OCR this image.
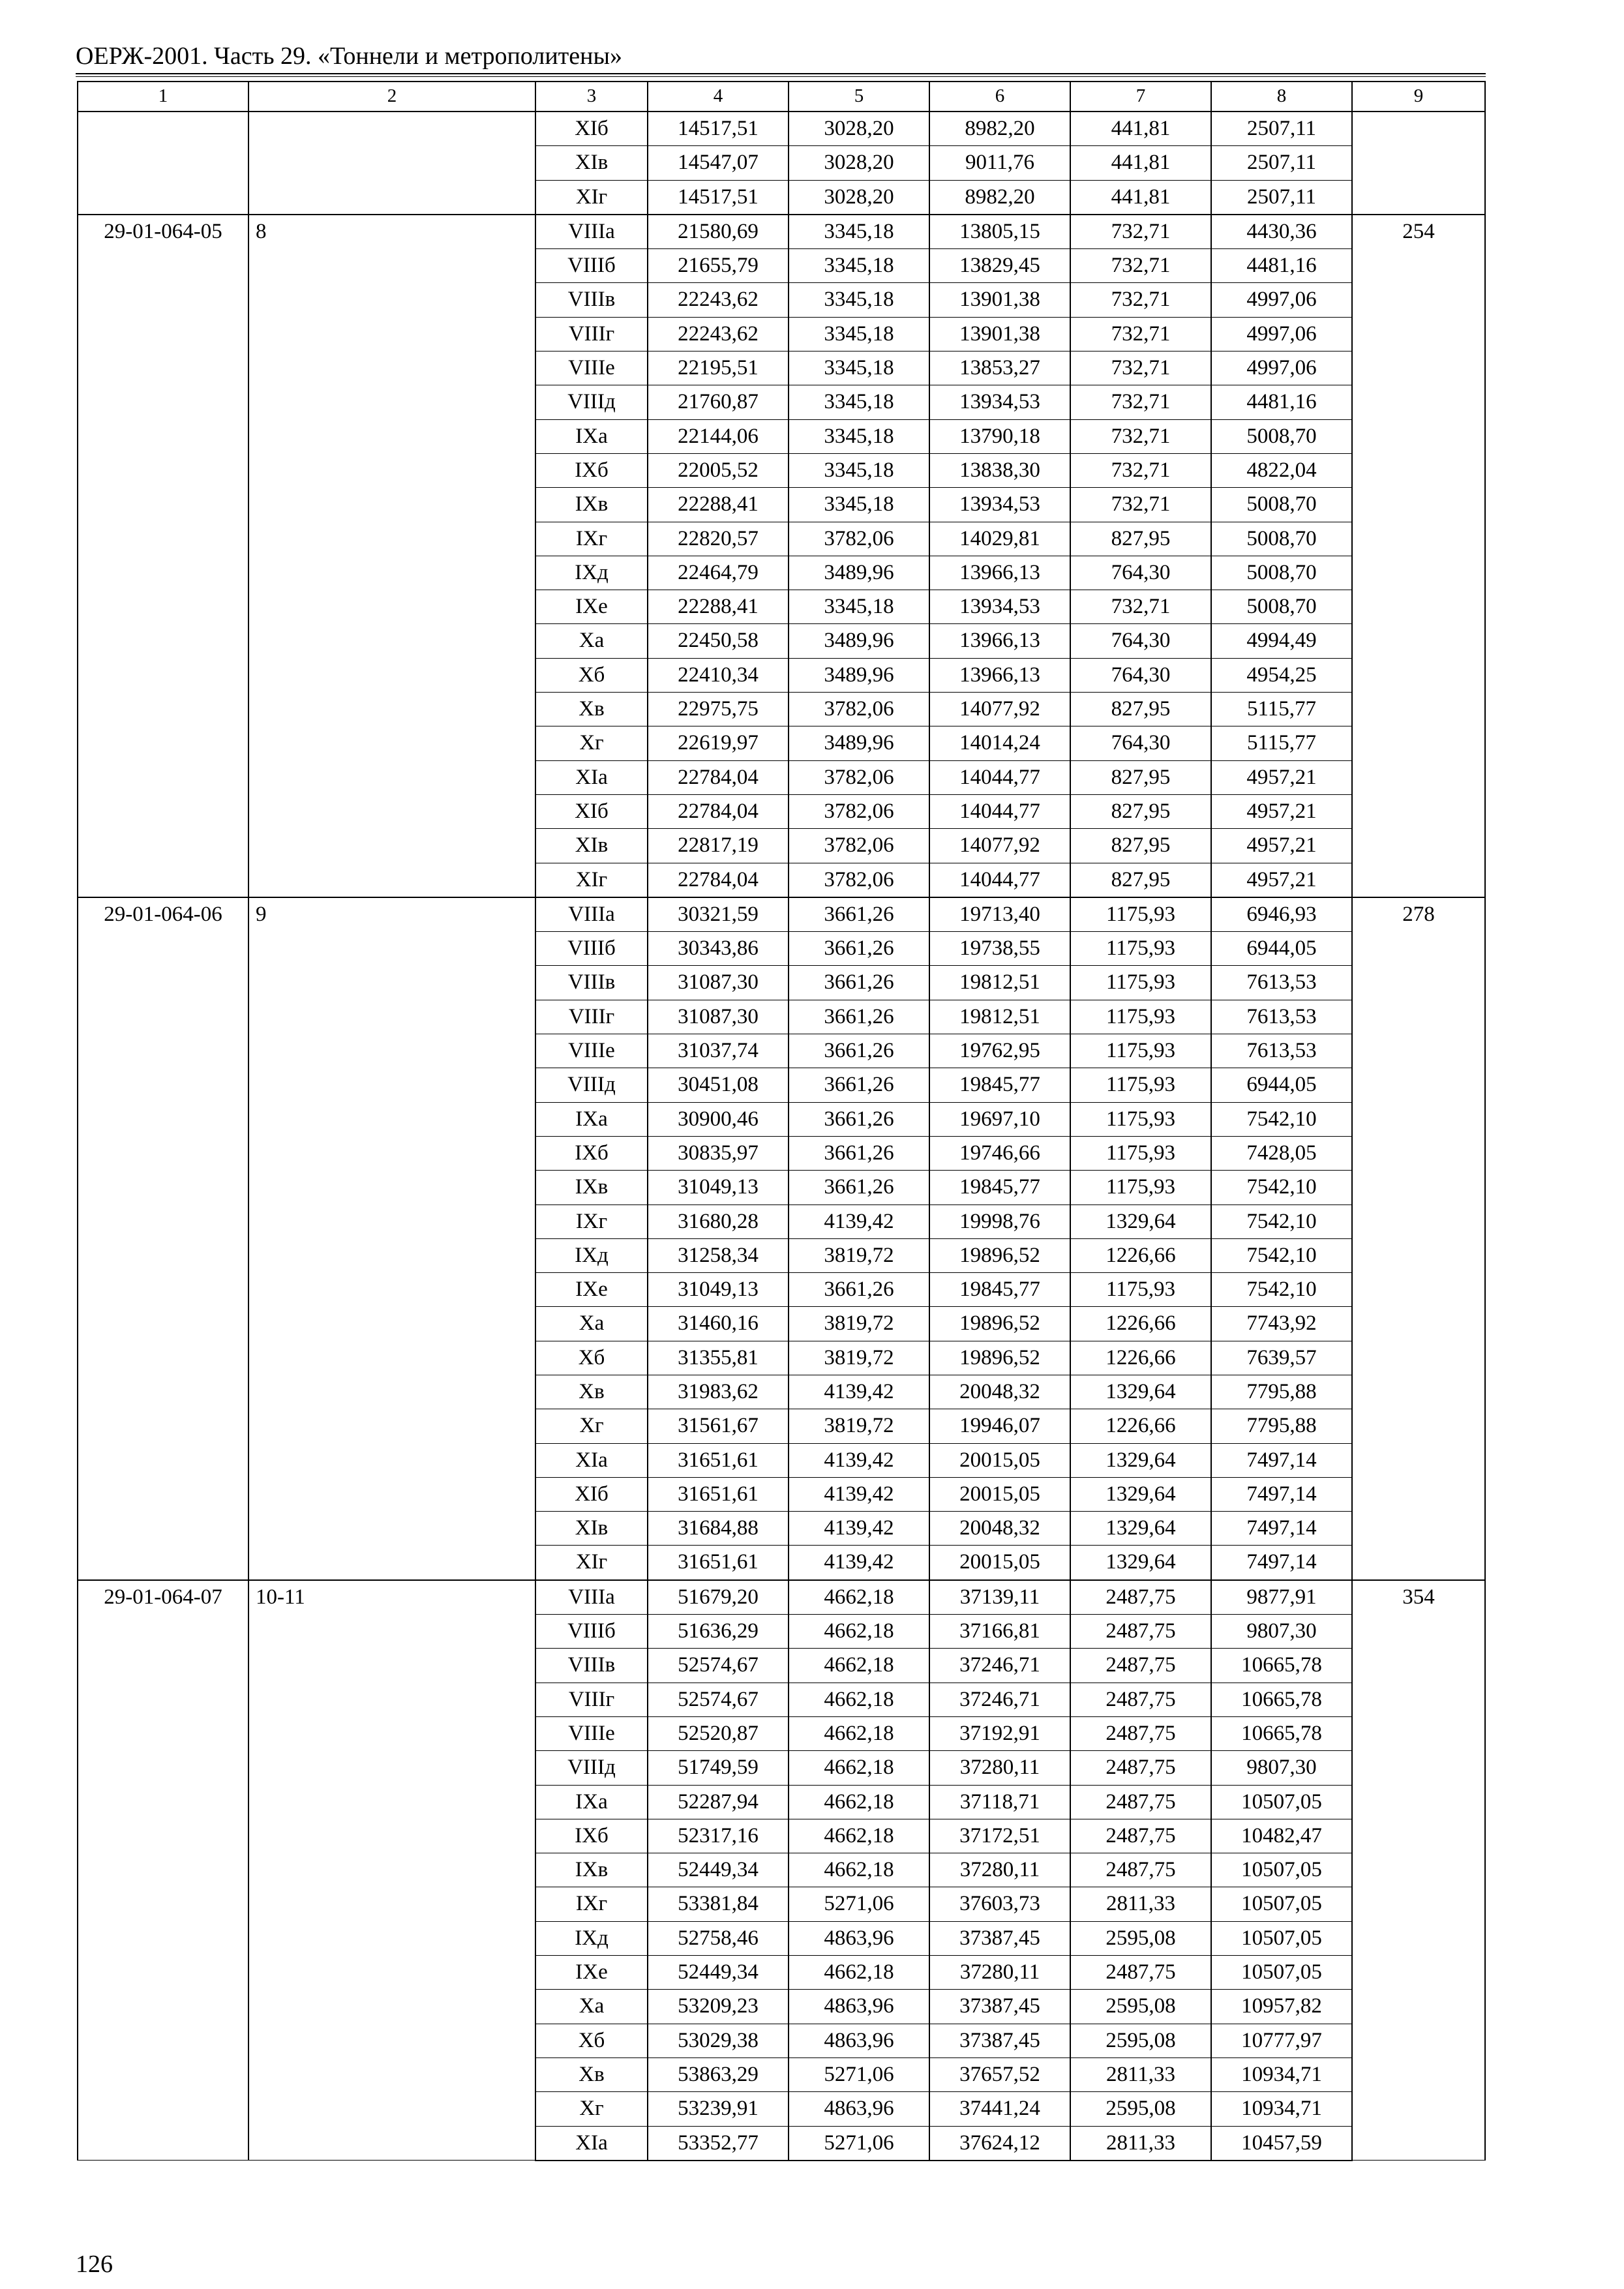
ОЕРЖ-2001. Часть 29. «Тоннели и метрополитены»
1	2	3	4	5	6	7	8	9
		XIб	14517,51	3028,20	8982,20	441,81	2507,11	
		XIв	14547,07	3028,20	9011,76	441,81	2507,11	
		XIг	14517,51	3028,20	8982,20	441,81	2507,11	
29-01-064-05	8	VIIIа	21580,69	3345,18	13805,15	732,71	4430,36	254
		VIIIб	21655,79	3345,18	13829,45	732,71	4481,16	
		VIIIв	22243,62	3345,18	13901,38	732,71	4997,06	
		VIIIг	22243,62	3345,18	13901,38	732,71	4997,06	
		VIIIе	22195,51	3345,18	13853,27	732,71	4997,06	
		VIIIд	21760,87	3345,18	13934,53	732,71	4481,16	
		IXа	22144,06	3345,18	13790,18	732,71	5008,70	
		IXб	22005,52	3345,18	13838,30	732,71	4822,04	
		IXв	22288,41	3345,18	13934,53	732,71	5008,70	
		IXг	22820,57	3782,06	14029,81	827,95	5008,70	
		IXд	22464,79	3489,96	13966,13	764,30	5008,70	
		IXе	22288,41	3345,18	13934,53	732,71	5008,70	
		Xа	22450,58	3489,96	13966,13	764,30	4994,49	
		Xб	22410,34	3489,96	13966,13	764,30	4954,25	
		Xв	22975,75	3782,06	14077,92	827,95	5115,77	
		Xг	22619,97	3489,96	14014,24	764,30	5115,77	
		XIа	22784,04	3782,06	14044,77	827,95	4957,21	
		XIб	22784,04	3782,06	14044,77	827,95	4957,21	
		XIв	22817,19	3782,06	14077,92	827,95	4957,21	
		XIг	22784,04	3782,06	14044,77	827,95	4957,21	
29-01-064-06	9	VIIIа	30321,59	3661,26	19713,40	1175,93	6946,93	278
		VIIIб	30343,86	3661,26	19738,55	1175,93	6944,05	
		VIIIв	31087,30	3661,26	19812,51	1175,93	7613,53	
		VIIIг	31087,30	3661,26	19812,51	1175,93	7613,53	
		VIIIе	31037,74	3661,26	19762,95	1175,93	7613,53	
		VIIIд	30451,08	3661,26	19845,77	1175,93	6944,05	
		IXа	30900,46	3661,26	19697,10	1175,93	7542,10	
		IXб	30835,97	3661,26	19746,66	1175,93	7428,05	
		IXв	31049,13	3661,26	19845,77	1175,93	7542,10	
		IXг	31680,28	4139,42	19998,76	1329,64	7542,10	
		IXд	31258,34	3819,72	19896,52	1226,66	7542,10	
		IXе	31049,13	3661,26	19845,77	1175,93	7542,10	
		Xа	31460,16	3819,72	19896,52	1226,66	7743,92	
		Xб	31355,81	3819,72	19896,52	1226,66	7639,57	
		Xв	31983,62	4139,42	20048,32	1329,64	7795,88	
		Xг	31561,67	3819,72	19946,07	1226,66	7795,88	
		XIа	31651,61	4139,42	20015,05	1329,64	7497,14	
		XIб	31651,61	4139,42	20015,05	1329,64	7497,14	
		XIв	31684,88	4139,42	20048,32	1329,64	7497,14	
		XIг	31651,61	4139,42	20015,05	1329,64	7497,14	
29-01-064-07	10-11	VIIIа	51679,20	4662,18	37139,11	2487,75	9877,91	354
		VIIIб	51636,29	4662,18	37166,81	2487,75	9807,30	
		VIIIв	52574,67	4662,18	37246,71	2487,75	10665,78	
		VIIIг	52574,67	4662,18	37246,71	2487,75	10665,78	
		VIIIе	52520,87	4662,18	37192,91	2487,75	10665,78	
		VIIIд	51749,59	4662,18	37280,11	2487,75	9807,30	
		IXа	52287,94	4662,18	37118,71	2487,75	10507,05	
		IXб	52317,16	4662,18	37172,51	2487,75	10482,47	
		IXв	52449,34	4662,18	37280,11	2487,75	10507,05	
		IXг	53381,84	5271,06	37603,73	2811,33	10507,05	
		IXд	52758,46	4863,96	37387,45	2595,08	10507,05	
		IXе	52449,34	4662,18	37280,11	2487,75	10507,05	
		Xа	53209,23	4863,96	37387,45	2595,08	10957,82	
		Xб	53029,38	4863,96	37387,45	2595,08	10777,97	
		Xв	53863,29	5271,06	37657,52	2811,33	10934,71	
		Xг	53239,91	4863,96	37441,24	2595,08	10934,71	
		XIа	53352,77	5271,06	37624,12	2811,33	10457,59	
126
